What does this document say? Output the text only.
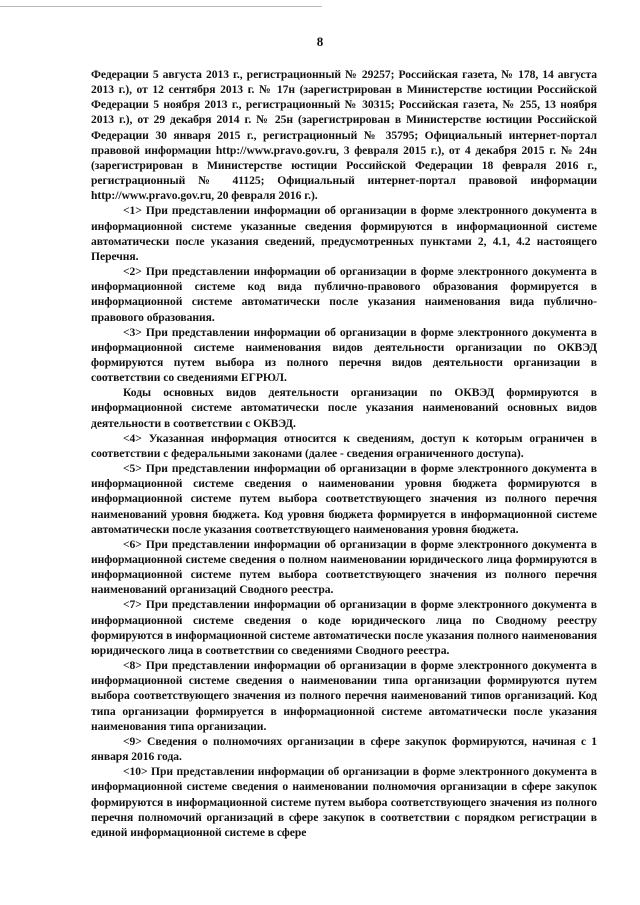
8

Федерации 5 августа 2013 г., регистрационный № 29257; Российская газета, № 178, 14 августа 2013 г.), от 12 сентября 2013 г. № 17н (зарегистрирован в Министерстве юстиции Российской Федерации 5 ноября 2013 г., регистрационный № 30315; Российская газета, № 255, 13 ноября 2013 г.), от 29 декабря 2014 г. № 25н (зарегистрирован в Министерстве юстиции Российской Федерации 30 января 2015 г., регистрационный № 35795; Официальный интернет-портал правовой информации http://www.pravo.gov.ru, 3 февраля 2015 г.), от 4 декабря 2015 г. № 24н (зарегистрирован в Министерстве юстиции Российской Федерации 18 февраля 2016 г., регистрационный № 41125; Официальный интернет-портал правовой информации http://www.pravo.gov.ru, 20 февраля 2016 г.).

<1> При представлении информации об организации в форме электронного документа в информационной системе указанные сведения формируются в информационной системе автоматически после указания сведений, предусмотренных пунктами 2, 4.1, 4.2 настоящего Перечня.

<2> При представлении информации об организации в форме электронного документа в информационной системе код вида публично-правового образования формируется в информационной системе автоматически после указания наименования вида публично-правового образования.

<3> При представлении информации об организации в форме электронного документа в информационной системе наименования видов деятельности организации по ОКВЭД формируются путем выбора из полного перечня видов деятельности организации в соответствии со сведениями ЕГРЮЛ.

Коды основных видов деятельности организации по ОКВЭД формируются в информационной системе автоматически после указания наименований основных видов деятельности в соответствии с ОКВЭД.

<4> Указанная информация относится к сведениям, доступ к которым ограничен в соответствии с федеральными законами (далее - сведения ограниченного доступа).

<5> При представлении информации об организации в форме электронного документа в информационной системе сведения о наименовании уровня бюджета формируются в информационной системе путем выбора соответствующего значения из полного перечня наименований уровня бюджета. Код уровня бюджета формируется в информационной системе автоматически после указания соответствующего наименования уровня бюджета.

<6> При представлении информации об организации в форме электронного документа в информационной системе сведения о полном наименовании юридического лица формируются в информационной системе путем выбора соответствующего значения из полного перечня наименований организаций Сводного реестра.

<7> При представлении информации об организации в форме электронного документа в информационной системе сведения о коде юридического лица по Сводному реестру формируются в информационной системе автоматически после указания полного наименования юридического лица в соответствии со сведениями Сводного реестра.

<8> При представлении информации об организации в форме электронного документа в информационной системе сведения о наименовании типа организации формируются путем выбора соответствующего значения из полного перечня наименований типов организаций. Код типа организации формируется в информационной системе автоматически после указания наименования типа организации.

<9> Сведения о полномочиях организации в сфере закупок формируются, начиная с 1 января 2016 года.

<10> При представлении информации об организации в форме электронного документа в информационной системе сведения о наименовании полномочия организации в сфере закупок формируются в информационной системе путем выбора соответствующего значения из полного перечня полномочий организаций в сфере закупок в соответствии с порядком регистрации в единой информационной системе в сфере
